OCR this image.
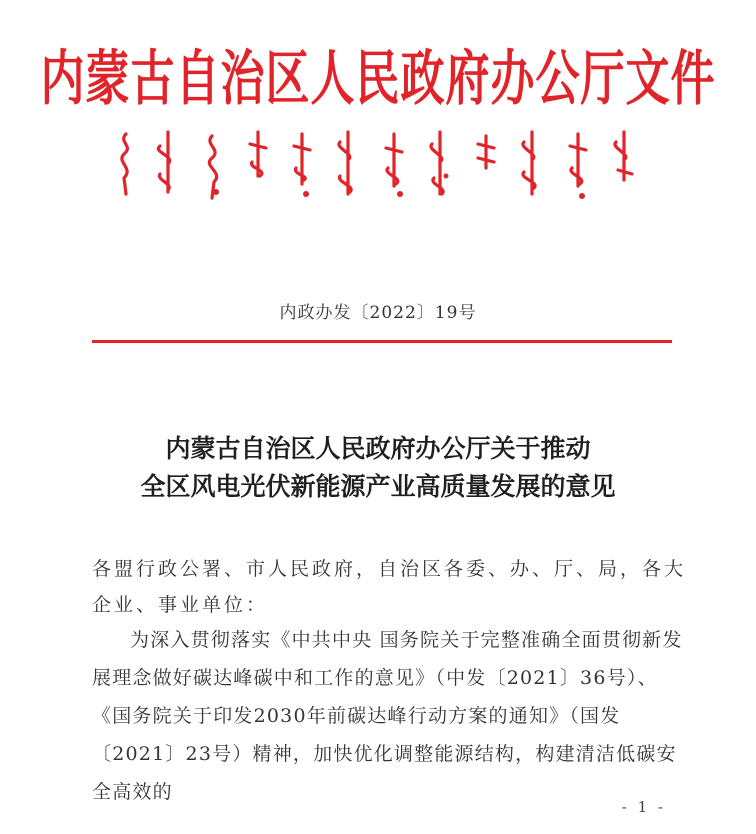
内蒙古自治区人民政府办公厅文件
内政办发〔2022〕19号
内蒙古自治区人民政府办公厅关于推动
全区风电光伏新能源产业高质量发展的意见
各盟行政公署、市人民政府，自治区各委、办、厅、局，各大企业、事业单位：
为深入贯彻落实《中共中央 国务院关于完整准确全面贯彻新发展理念做好碳达峰碳中和工作的意见》（中发〔2021〕36号）、《国务院关于印发2030年前碳达峰行动方案的通知》（国发〔2021〕23号）精神，加快优化调整能源结构，构建清洁低碳安全高效的
- 1 -
